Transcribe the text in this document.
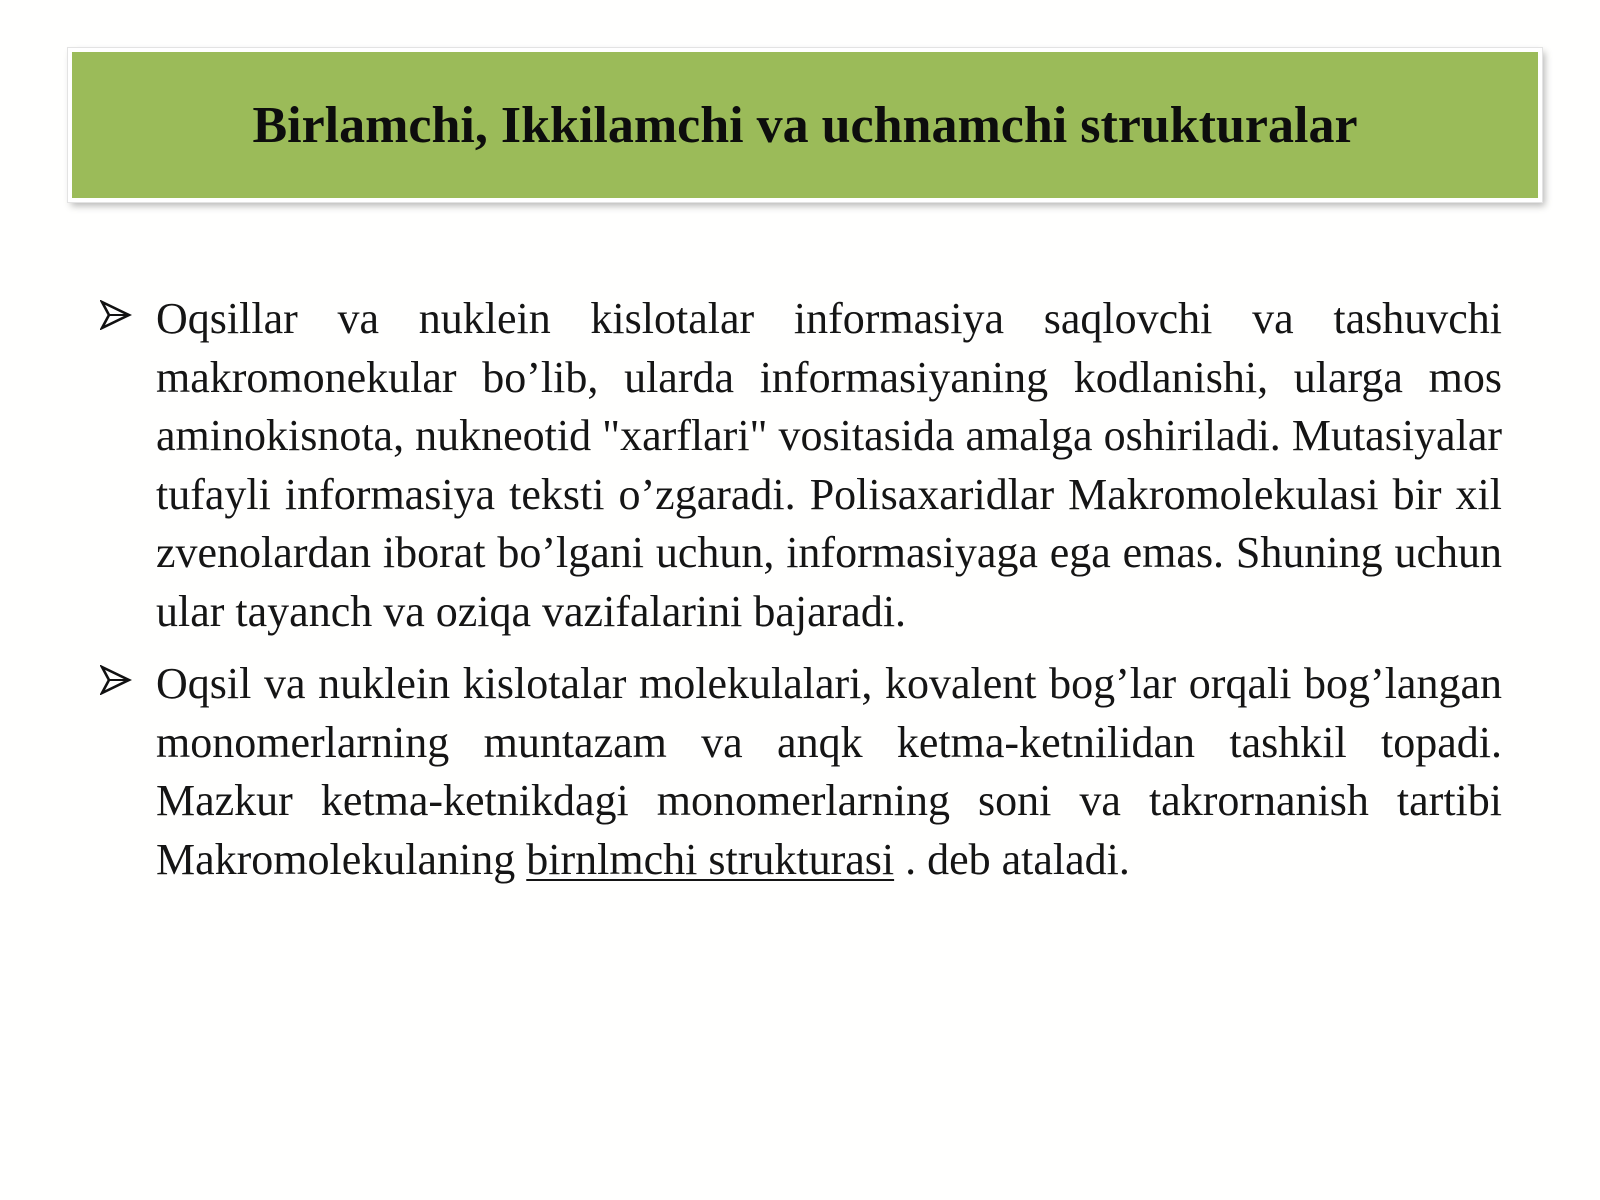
Birlamchi, Ikkilamchi va uchnamchi strukturalar
Oqsillar va nuklein kislotalar informasiya saqlovchi va tashuvchi makromonekular bo’lib, ularda informasiyaning kodlanishi, ularga mos aminokisnota, nukneotid "xarflari" vositasida amalga oshiriladi. Mutasiyalar tufayli informasiya teksti o’zgaradi. Polisaxaridlar Makromolekulasi bir xil zvenolardan iborat bo’lgani uchun, informasiyaga ega emas. Shuning uchun ular tayanch va oziqa vazifalarini bajaradi.
Oqsil va nuklein kislotalar molekulalari, kovalent bog’lar orqali bog’langan monomerlarning muntazam va anqk ketma-ketnilidan tashkil topadi. Mazkur ketma-ketnikdagi monomerlarning soni va takrornanish tartibi Makromolekulaning birnlmchi strukturasi . deb ataladi.
